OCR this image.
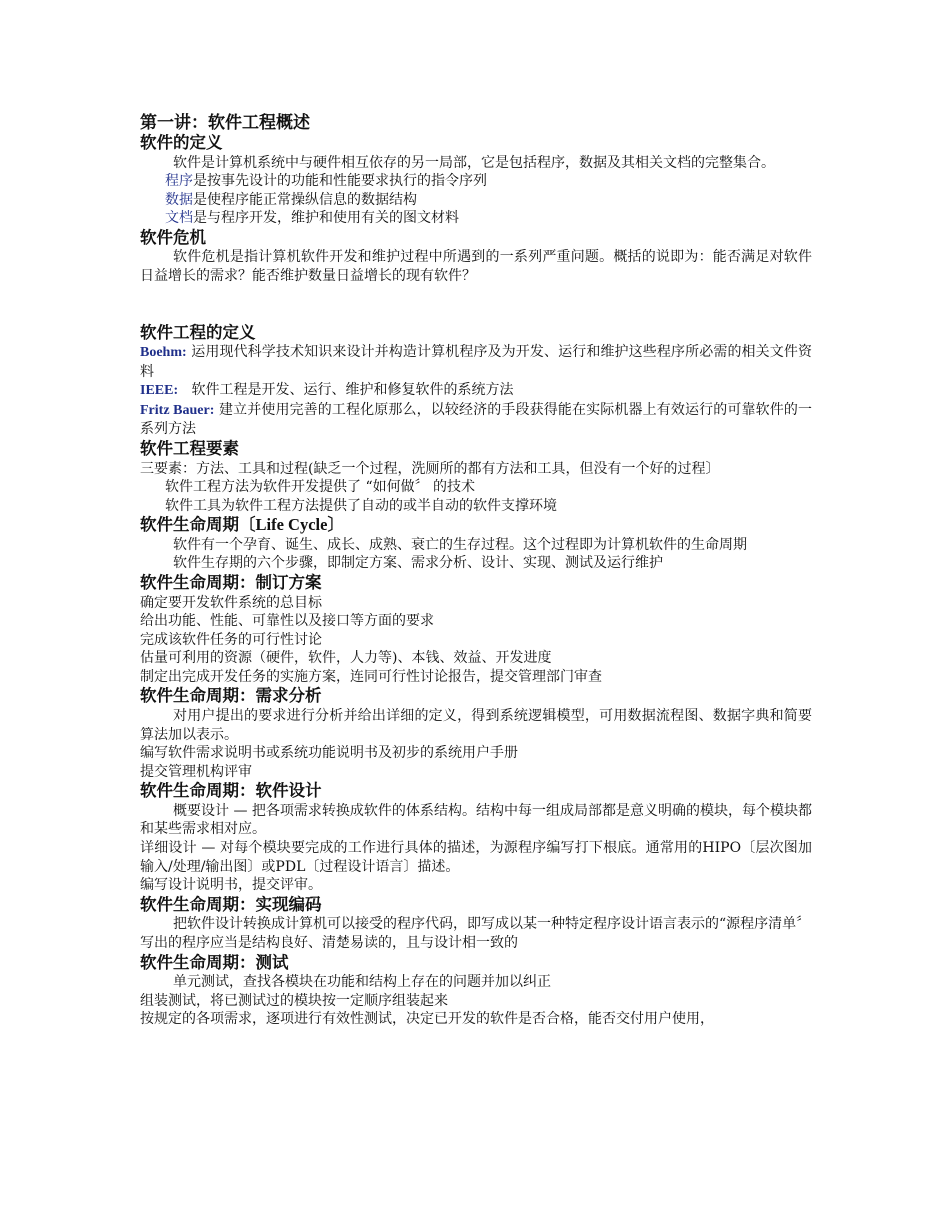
第一讲：软件工程概述
软件的定义

软件是计算机系统中与硬件相互依存的另一局部，它是包括程序，数据及其相关文档的完整集合。

程序是按事先设计的功能和性能要求执行的指令序列

数据是使程序能正常操纵信息的数据结构

文档是与程序开发，维护和使用有关的图文材料

软件危机

软件危机是指计算机软件开发和维护过程中所遇到的一系列严重问题。概括的说即为：能否满足对软件日益增长的需求？能否维护数量日益增长的现有软件？

软件工程的定义

Boehm: 运用现代科学技术知识来设计并构造计算机程序及为开发、运行和维护这些程序所必需的相关文件资料

IEEE:   软件工程是开发、运行、维护和修复软件的系统方法

Fritz Bauer: 建立并使用完善的工程化原那么，以较经济的手段获得能在实际机器上有效运行的可靠软件的一系列方法

软件工程要素

三要素：方法、工具和过程(缺乏一个过程，洗厕所的都有方法和工具，但没有一个好的过程〕

软件工程方法为软件开发提供了 “如何做〞 的技术

软件工具为软件工程方法提供了自动的或半自动的软件支撑环境

软件生命周期〔Life Cycle〕

软件有一个孕育、诞生、成长、成熟、衰亡的生存过程。这个过程即为计算机软件的生命周期

软件生存期的六个步骤，即制定方案、需求分析、设计、实现、测试及运行维护

软件生命周期：制订方案

确定要开发软件系统的总目标

给出功能、性能、可靠性以及接口等方面的要求

完成该软件任务的可行性讨论

估量可利用的资源（硬件，软件，人力等)、本钱、效益、开发进度

制定出完成开发任务的实施方案，连同可行性讨论报告，提交管理部门审查

软件生命周期：需求分析

对用户提出的要求进行分析并给出详细的定义，得到系统逻辑模型，可用数据流程图、数据字典和简要算法加以表示。

编写软件需求说明书或系统功能说明书及初步的系统用户手册

提交管理机构评审

软件生命周期：软件设计

概要设计 — 把各项需求转换成软件的体系结构。结构中每一组成局部都是意义明确的模块，每个模块都和某些需求相对应。

详细设计 — 对每个模块要完成的工作进行具体的描述，为源程序编写打下根底。通常用的HIPO〔层次图加输入/处理/输出图〕或PDL〔过程设计语言〕描述。

编写设计说明书，提交评审。

软件生命周期：实现编码

把软件设计转换成计算机可以接受的程序代码，即写成以某一种特定程序设计语言表示的“源程序清单〞

写出的程序应当是结构良好、清楚易读的，且与设计相一致的

软件生命周期：测试

单元测试，查找各模块在功能和结构上存在的问题并加以纠正

组装测试，将已测试过的模块按一定顺序组装起来

按规定的各项需求，逐项进行有效性测试，决定已开发的软件是否合格，能否交付用户使用，
